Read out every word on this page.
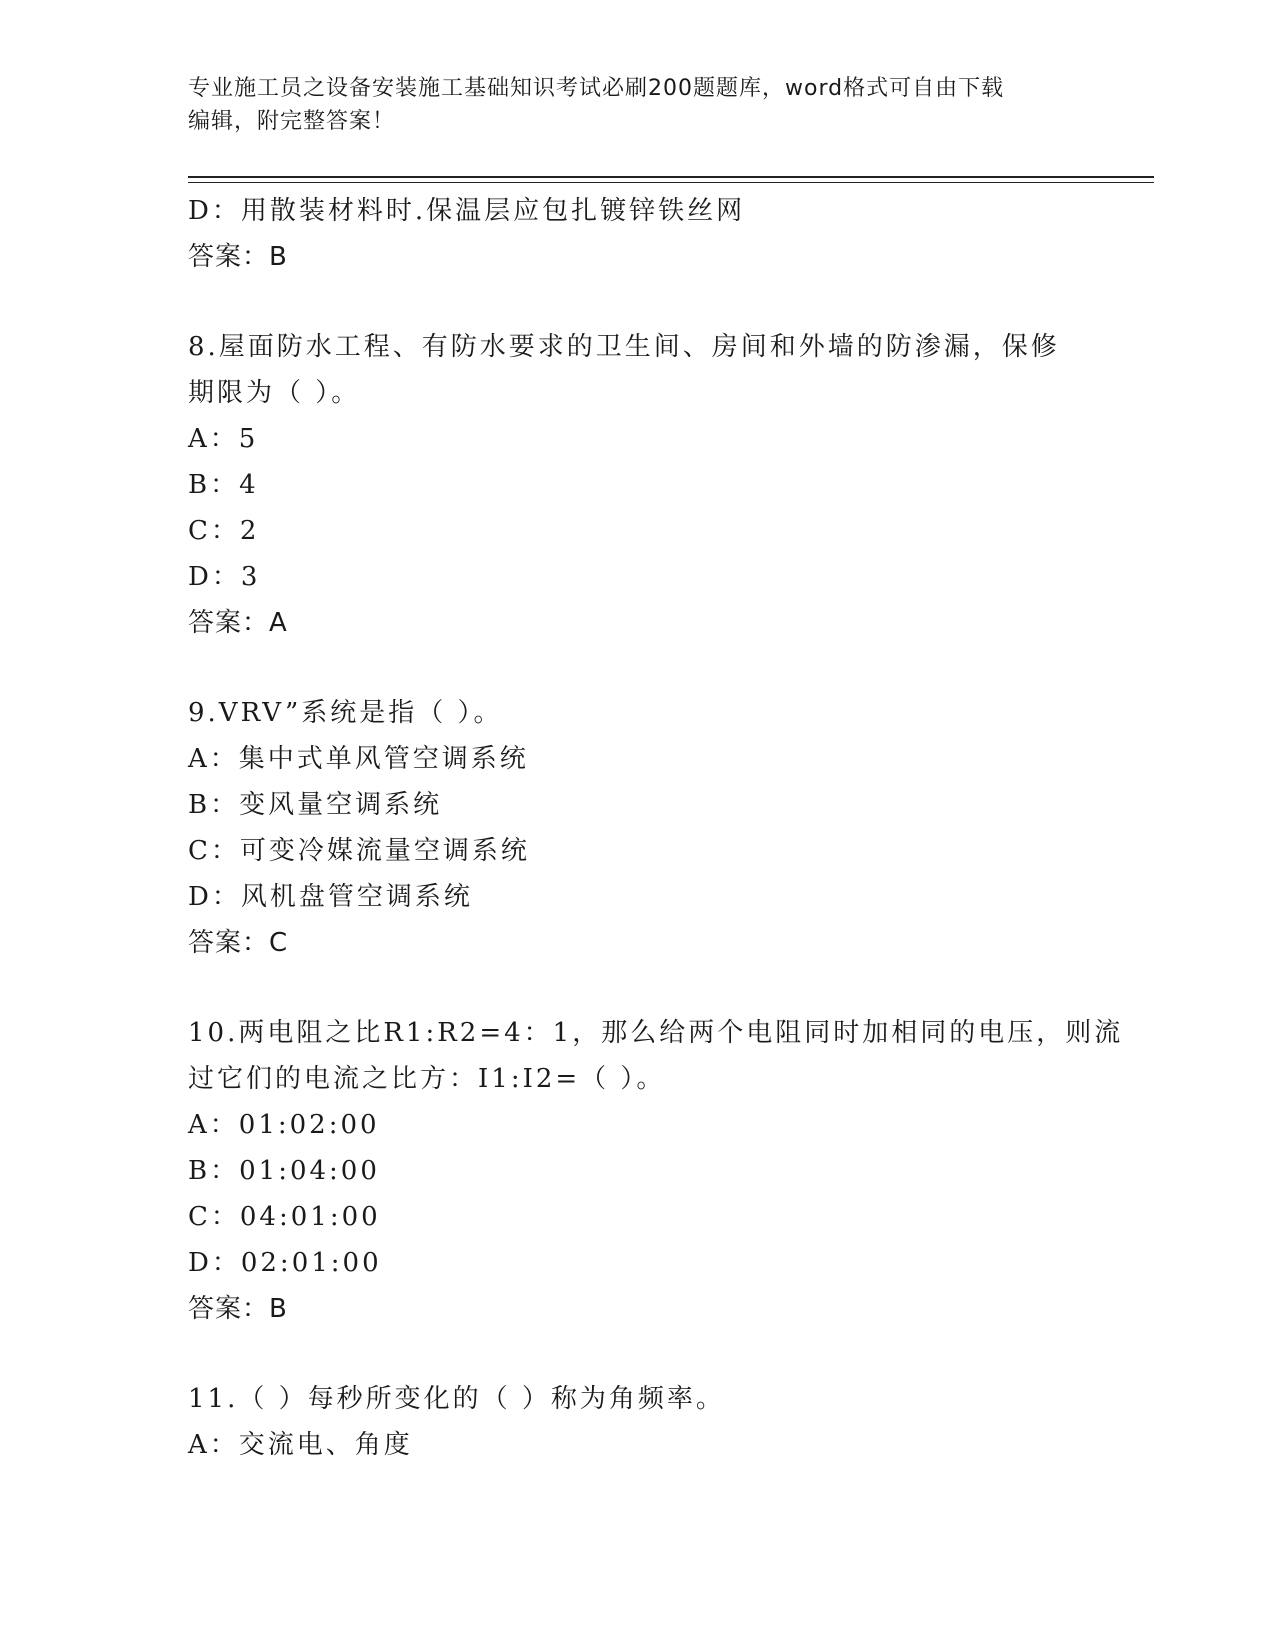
专业施工员之设备安装施工基础知识考试必刷200题题库，word格式可自由下载
编辑，附完整答案！
D：用散装材料时.保温层应包扎镀锌铁丝网
答案：B
8.屋面防水工程、有防水要求的卫生间、房间和外墙的防渗漏，保修
期限为（ ）。
A：5
B：4
C：2
D：3
答案：A
9.VRV”系统是指（ ）。
A：集中式单风管空调系统
B：变风量空调系统
C：可变冷媒流量空调系统
D：风机盘管空调系统
答案：C
10.两电阻之比R1:R2=4：1，那么给两个电阻同时加相同的电压，则流
过它们的电流之比方：I1:I2=（ ）。
A：01:02:00
B：01:04:00
C：04:01:00
D：02:01:00
答案：B
11.（ ）每秒所变化的（ ）称为角频率。
A：交流电、角度
